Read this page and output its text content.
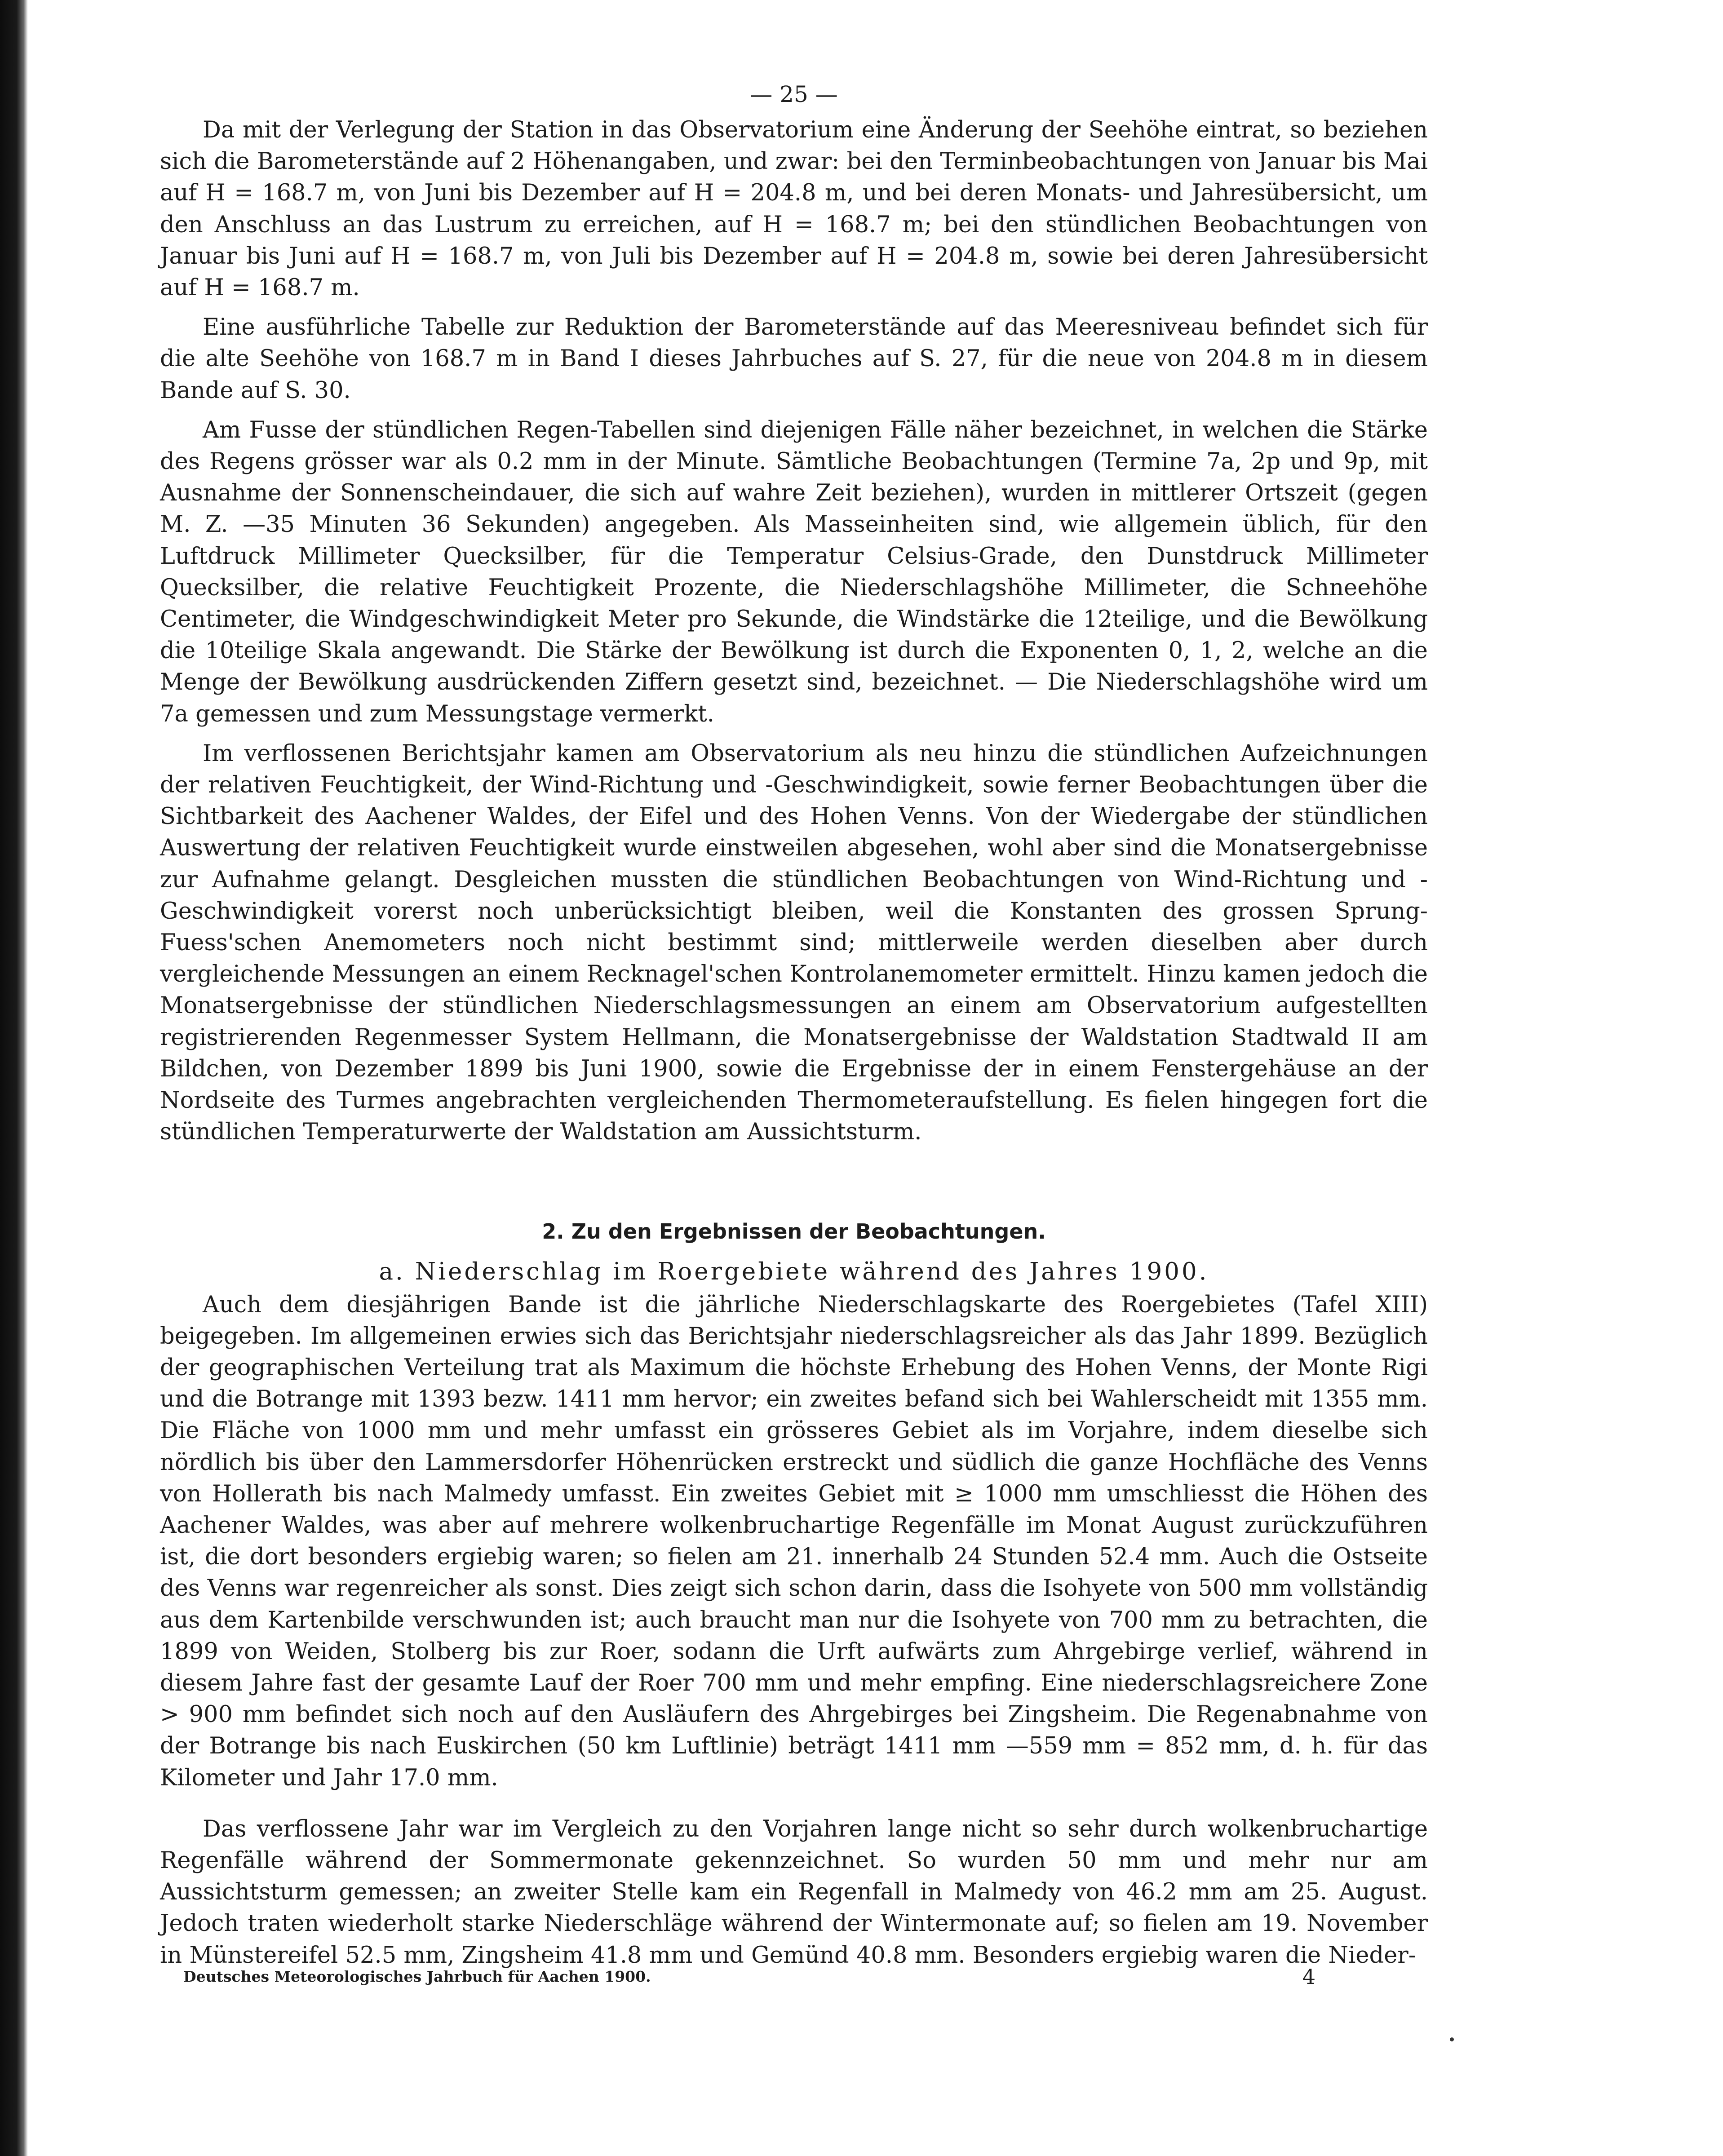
— 25 —

Da mit der Verlegung der Station in das Observatorium eine Änderung der Seehöhe eintrat, so beziehen sich die Barometerstände auf 2 Höhenangaben, und zwar: bei den Terminbeobachtungen von Januar bis Mai auf H = 168.7 m, von Juni bis Dezember auf H = 204.8 m, und bei deren Monats- und Jahresübersicht, um den Anschluss an das Lustrum zu erreichen, auf H = 168.7 m; bei den stündlichen Beobachtungen von Januar bis Juni auf H = 168.7 m, von Juli bis Dezember auf H = 204.8 m, sowie bei deren Jahresübersicht auf H = 168.7 m.

Eine ausführliche Tabelle zur Reduktion der Barometerstände auf das Meeresniveau befindet sich für die alte Seehöhe von 168.7 m in Band I dieses Jahrbuches auf S. 27, für die neue von 204.8 m in diesem Bande auf S. 30.

Am Fusse der stündlichen Regen-Tabellen sind diejenigen Fälle näher bezeichnet, in welchen die Stärke des Regens grösser war als 0.2 mm in der Minute. Sämtliche Beobachtungen (Termine 7a, 2p und 9p, mit Ausnahme der Sonnenscheindauer, die sich auf wahre Zeit beziehen), wurden in mittlerer Ortszeit (gegen M. Z. —35 Minuten 36 Sekunden) angegeben. Als Masseinheiten sind, wie allgemein üblich, für den Luftdruck Millimeter Quecksilber, für die Temperatur Celsius-Grade, den Dunstdruck Millimeter Quecksilber, die relative Feuchtigkeit Prozente, die Niederschlagshöhe Millimeter, die Schneehöhe Centimeter, die Windgeschwindigkeit Meter pro Sekunde, die Windstärke die 12teilige, und die Bewölkung die 10teilige Skala angewandt. Die Stärke der Bewölkung ist durch die Exponenten 0, 1, 2, welche an die Menge der Bewölkung ausdrückenden Ziffern gesetzt sind, bezeichnet. — Die Niederschlagshöhe wird um 7a gemessen und zum Messungstage vermerkt.

Im verflossenen Berichtsjahr kamen am Observatorium als neu hinzu die stündlichen Aufzeichnungen der relativen Feuchtigkeit, der Wind-Richtung und -Geschwindigkeit, sowie ferner Beobachtungen über die Sichtbarkeit des Aachener Waldes, der Eifel und des Hohen Venns. Von der Wiedergabe der stündlichen Auswertung der relativen Feuchtigkeit wurde einstweilen abgesehen, wohl aber sind die Monatsergebnisse zur Aufnahme gelangt. Desgleichen mussten die stündlichen Beobachtungen von Wind-Richtung und -Geschwindigkeit vorerst noch unberücksichtigt bleiben, weil die Konstanten des grossen Sprung-Fuess'schen Anemometers noch nicht bestimmt sind; mittlerweile werden dieselben aber durch vergleichende Messungen an einem Recknagel'schen Kontrolanemometer ermittelt. Hinzu kamen jedoch die Monatsergebnisse der stündlichen Niederschlagsmessungen an einem am Observatorium aufgestellten registrierenden Regenmesser System Hellmann, die Monatsergebnisse der Waldstation Stadtwald II am Bildchen, von Dezember 1899 bis Juni 1900, sowie die Ergebnisse der in einem Fenstergehäuse an der Nordseite des Turmes angebrachten vergleichenden Thermometeraufstellung. Es fielen hingegen fort die stündlichen Temperaturwerte der Waldstation am Aussichtsturm.

2. Zu den Ergebnissen der Beobachtungen.
a. Niederschlag im Roergebiete während des Jahres 1900.

Auch dem diesjährigen Bande ist die jährliche Niederschlagskarte des Roergebietes (Tafel XIII) beigegeben. Im allgemeinen erwies sich das Berichtsjahr niederschlagsreicher als das Jahr 1899. Bezüglich der geographischen Verteilung trat als Maximum die höchste Erhebung des Hohen Venns, der Monte Rigi und die Botrange mit 1393 bezw. 1411 mm hervor; ein zweites befand sich bei Wahlerscheidt mit 1355 mm. Die Fläche von 1000 mm und mehr umfasst ein grösseres Gebiet als im Vorjahre, indem dieselbe sich nördlich bis über den Lammersdorfer Höhenrücken erstreckt und südlich die ganze Hochfläche des Venns von Hollerath bis nach Malmedy umfasst. Ein zweites Gebiet mit ≥ 1000 mm umschliesst die Höhen des Aachener Waldes, was aber auf mehrere wolkenbruchartige Regenfälle im Monat August zurückzuführen ist, die dort besonders ergiebig waren; so fielen am 21. innerhalb 24 Stunden 52.4 mm. Auch die Ostseite des Venns war regenreicher als sonst. Dies zeigt sich schon darin, dass die Isohyete von 500 mm vollständig aus dem Kartenbilde verschwunden ist; auch braucht man nur die Isohyete von 700 mm zu betrachten, die 1899 von Weiden, Stolberg bis zur Roer, sodann die Urft aufwärts zum Ahrgebirge verlief, während in diesem Jahre fast der gesamte Lauf der Roer 700 mm und mehr empfing. Eine niederschlagsreichere Zone > 900 mm befindet sich noch auf den Ausläufern des Ahrgebirges bei Zingsheim. Die Regenabnahme von der Botrange bis nach Euskirchen (50 km Luftlinie) beträgt 1411 mm —559 mm = 852 mm, d. h. für das Kilometer und Jahr 17.0 mm.

Das verflossene Jahr war im Vergleich zu den Vorjahren lange nicht so sehr durch wolkenbruchartige Regenfälle während der Sommermonate gekennzeichnet. So wurden 50 mm und mehr nur am Aussichtsturm gemessen; an zweiter Stelle kam ein Regenfall in Malmedy von 46.2 mm am 25. August. Jedoch traten wiederholt starke Niederschläge während der Wintermonate auf; so fielen am 19. November in Münstereifel 52.5 mm, Zingsheim 41.8 mm und Gemünd 40.8 mm. Besonders ergiebig waren die Nieder-

Deutsches Meteorologisches Jahrbuch für Aachen 1900.	4
